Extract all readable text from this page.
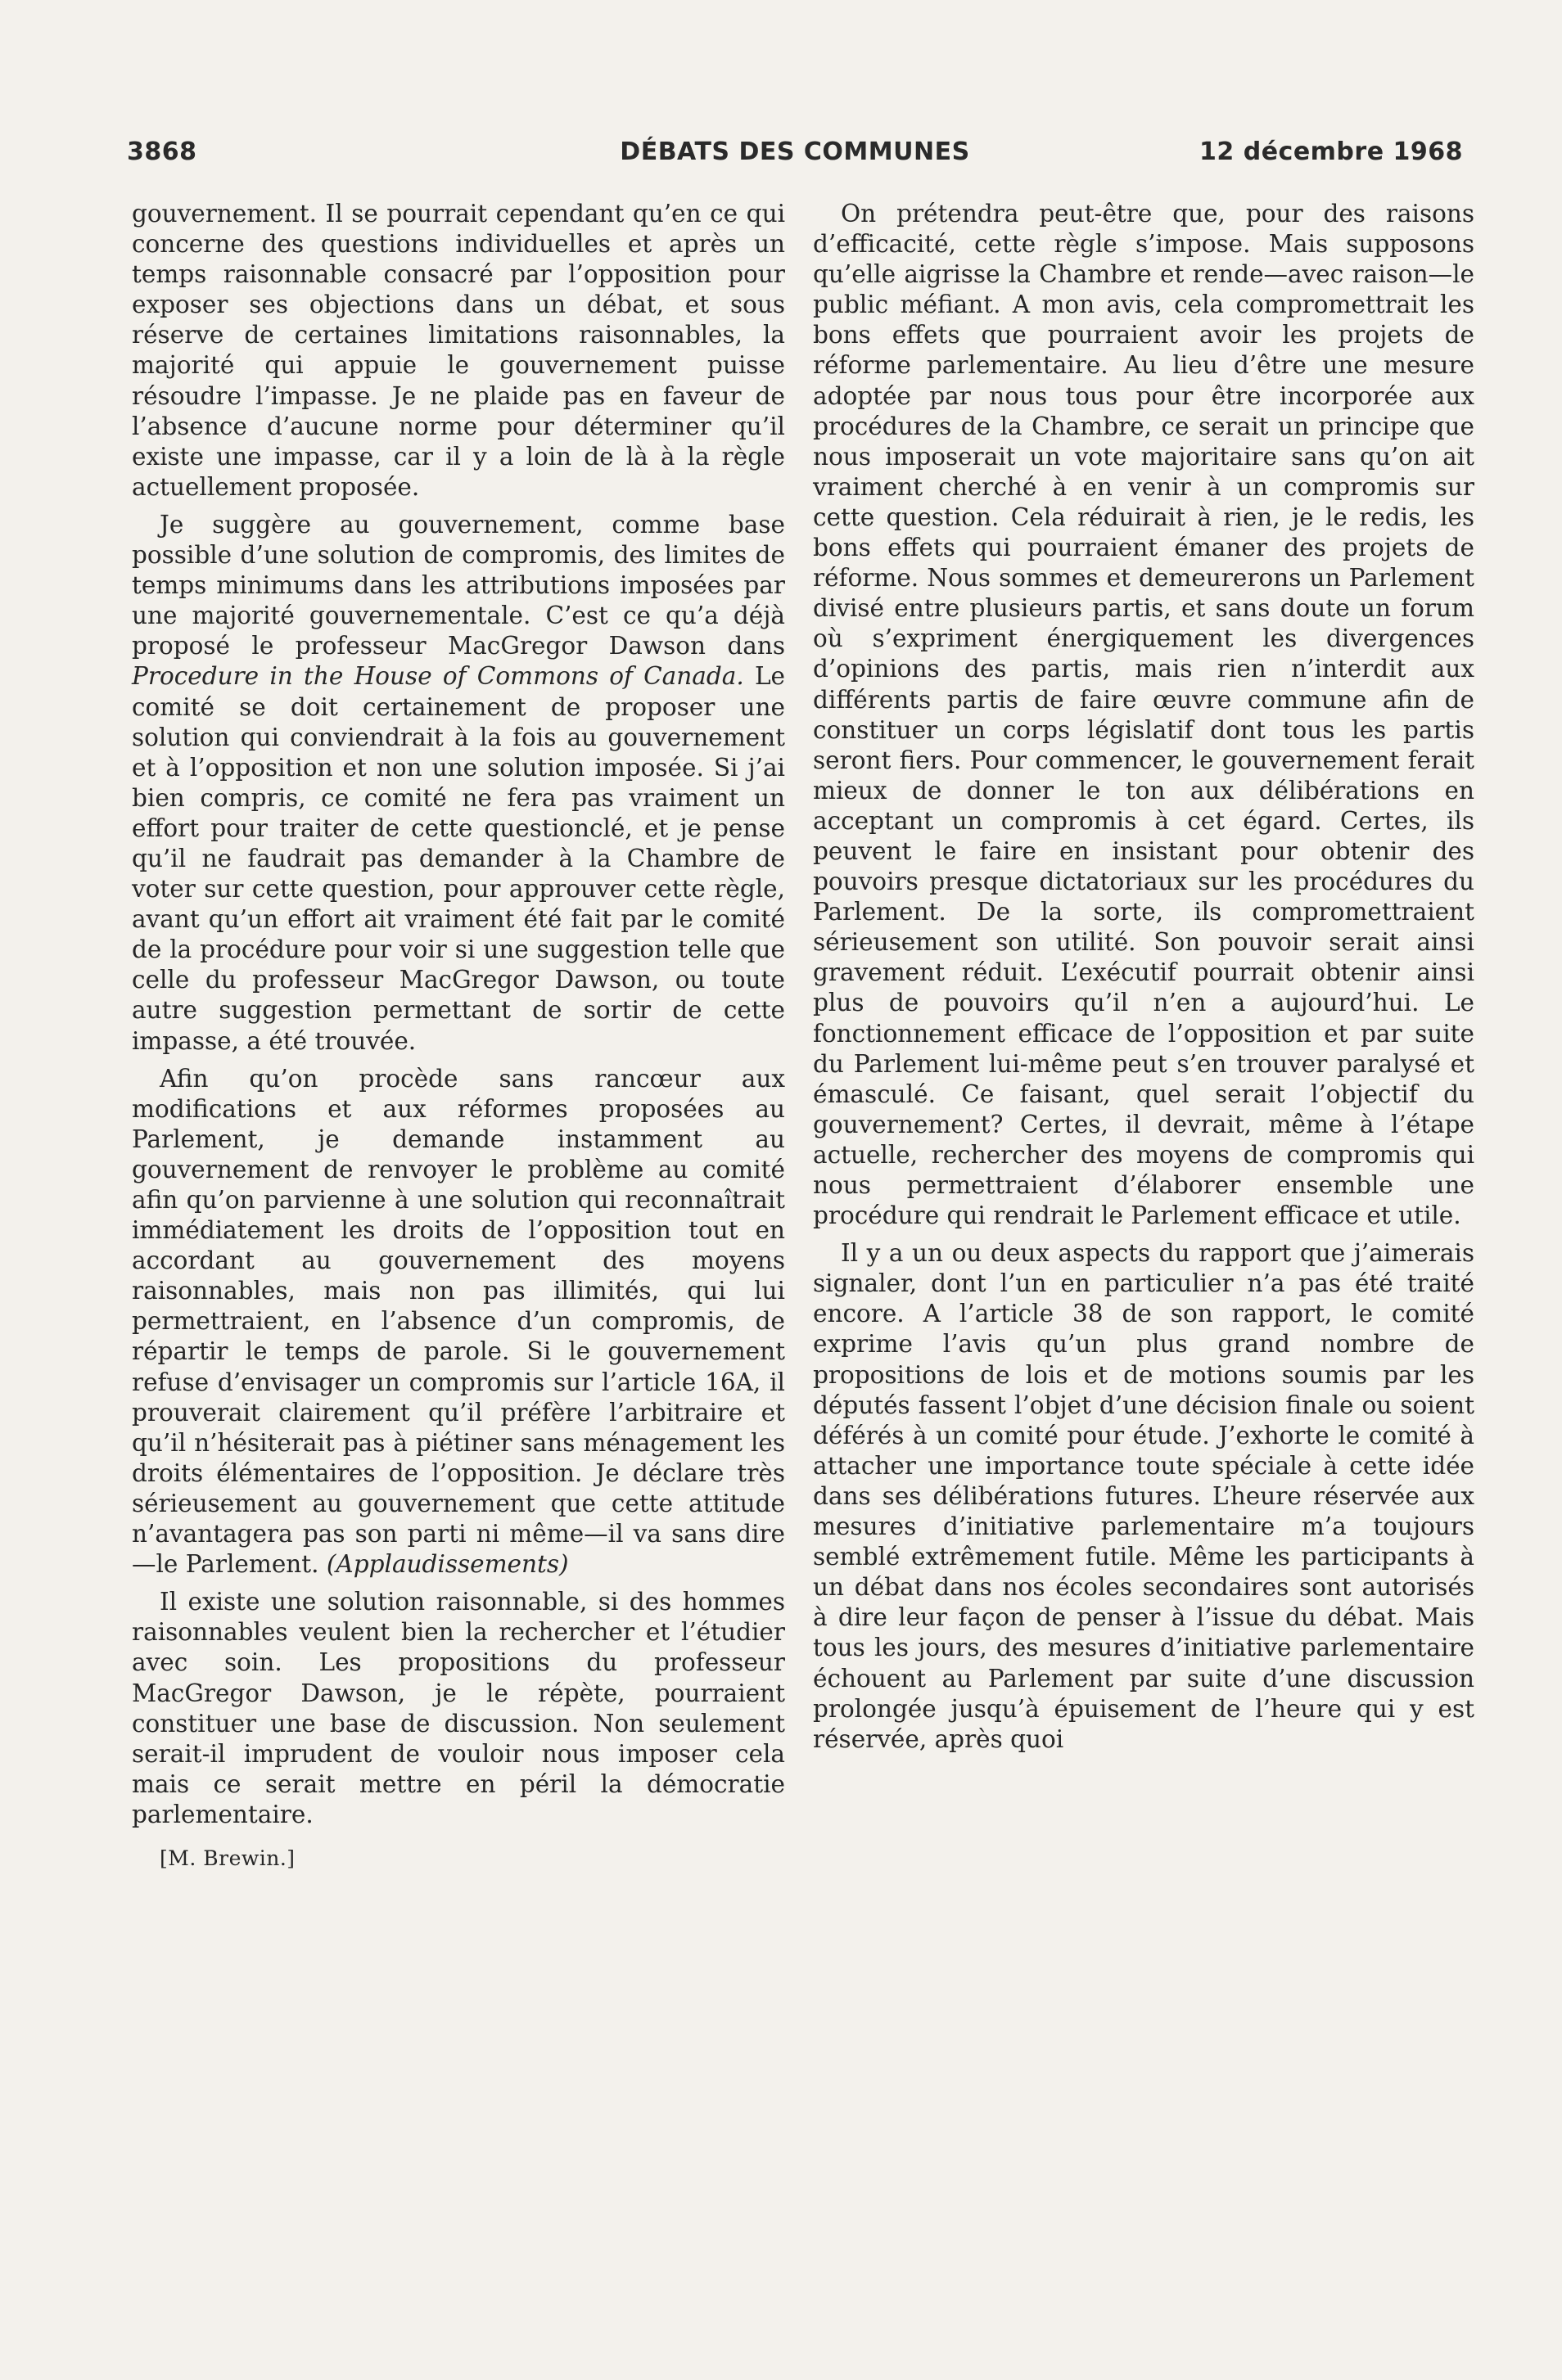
3868	DÉBATS DES COMMUNES	12 décembre 1968

gouvernement. Il se pourrait cependant qu’en ce qui concerne des questions individuelles et après un temps raisonnable consacré par l’opposition pour exposer ses objections dans un débat, et sous réserve de certaines limitations raisonnables, la majorité qui appuie le gouvernement puisse résoudre l’impasse. Je ne plaide pas en faveur de l’absence d’aucune norme pour déterminer qu’il existe une impasse, car il y a loin de là à la règle actuellement proposée.

Je suggère au gouvernement, comme base possible d’une solution de compromis, des limites de temps minimums dans les attributions imposées par une majorité gouvernementale. C’est ce qu’a déjà proposé le professeur MacGregor Dawson dans Procedure in the House of Commons of Canada. Le comité se doit certainement de proposer une solution qui conviendrait à la fois au gouvernement et à l’opposition et non une solution imposée. Si j’ai bien compris, ce comité ne fera pas vraiment un effort pour traiter de cette questionclé, et je pense qu’il ne faudrait pas demander à la Chambre de voter sur cette question, pour approuver cette règle, avant qu’un effort ait vraiment été fait par le comité de la procédure pour voir si une suggestion telle que celle du professeur MacGregor Dawson, ou toute autre suggestion permettant de sortir de cette impasse, a été trouvée.

Afin qu’on procède sans rancœur aux modifications et aux réformes proposées au Parlement, je demande instamment au gouvernement de renvoyer le problème au comité afin qu’on parvienne à une solution qui reconnaîtrait immédiatement les droits de l’opposition tout en accordant au gouvernement des moyens raisonnables, mais non pas illimités, qui lui permettraient, en l’absence d’un compromis, de répartir le temps de parole. Si le gouvernement refuse d’envisager un compromis sur l’article 16A, il prouverait clairement qu’il préfère l’arbitraire et qu’il n’hésiterait pas à piétiner sans ménagement les droits élémentaires de l’opposition. Je déclare très sérieusement au gouvernement que cette attitude n’avantagera pas son parti ni même—il va sans dire—le Parlement. (Applaudissements)

Il existe une solution raisonnable, si des hommes raisonnables veulent bien la rechercher et l’étudier avec soin. Les propositions du professeur MacGregor Dawson, je le répète, pourraient constituer une base de discussion. Non seulement serait-il imprudent de vouloir nous imposer cela mais ce serait mettre en péril la démocratie parlementaire.

[M. Brewin.]

On prétendra peut-être que, pour des raisons d’efficacité, cette règle s’impose. Mais supposons qu’elle aigrisse la Chambre et rende—avec raison—le public méfiant. A mon avis, cela compromettrait les bons effets que pourraient avoir les projets de réforme parlementaire. Au lieu d’être une mesure adoptée par nous tous pour être incorporée aux procédures de la Chambre, ce serait un principe que nous imposerait un vote majoritaire sans qu’on ait vraiment cherché à en venir à un compromis sur cette question. Cela réduirait à rien, je le redis, les bons effets qui pourraient émaner des projets de réforme. Nous sommes et demeurerons un Parlement divisé entre plusieurs partis, et sans doute un forum où s’expriment énergiquement les divergences d’opinions des partis, mais rien n’interdit aux différents partis de faire œuvre commune afin de constituer un corps législatif dont tous les partis seront fiers. Pour commencer, le gouvernement ferait mieux de donner le ton aux délibérations en acceptant un compromis à cet égard. Certes, ils peuvent le faire en insistant pour obtenir des pouvoirs presque dictatoriaux sur les procédures du Parlement. De la sorte, ils compromettraient sérieusement son utilité. Son pouvoir serait ainsi gravement réduit. L’exécutif pourrait obtenir ainsi plus de pouvoirs qu’il n’en a aujourd’hui. Le fonctionnement efficace de l’opposition et par suite du Parlement lui-même peut s’en trouver paralysé et émasculé. Ce faisant, quel serait l’objectif du gouvernement? Certes, il devrait, même à l’étape actuelle, rechercher des moyens de compromis qui nous permettraient d’élaborer ensemble une procédure qui rendrait le Parlement efficace et utile.

Il y a un ou deux aspects du rapport que j’aimerais signaler, dont l’un en particulier n’a pas été traité encore. A l’article 38 de son rapport, le comité exprime l’avis qu’un plus grand nombre de propositions de lois et de motions soumis par les députés fassent l’objet d’une décision finale ou soient déférés à un comité pour étude. J’exhorte le comité à attacher une importance toute spéciale à cette idée dans ses délibérations futures. L’heure réservée aux mesures d’initiative parlementaire m’a toujours semblé extrêmement futile. Même les participants à un débat dans nos écoles secondaires sont autorisés à dire leur façon de penser à l’issue du débat. Mais tous les jours, des mesures d’initiative parlementaire échouent au Parlement par suite d’une discussion prolongée jusqu’à épuisement de l’heure qui y est réservée, après quoi
